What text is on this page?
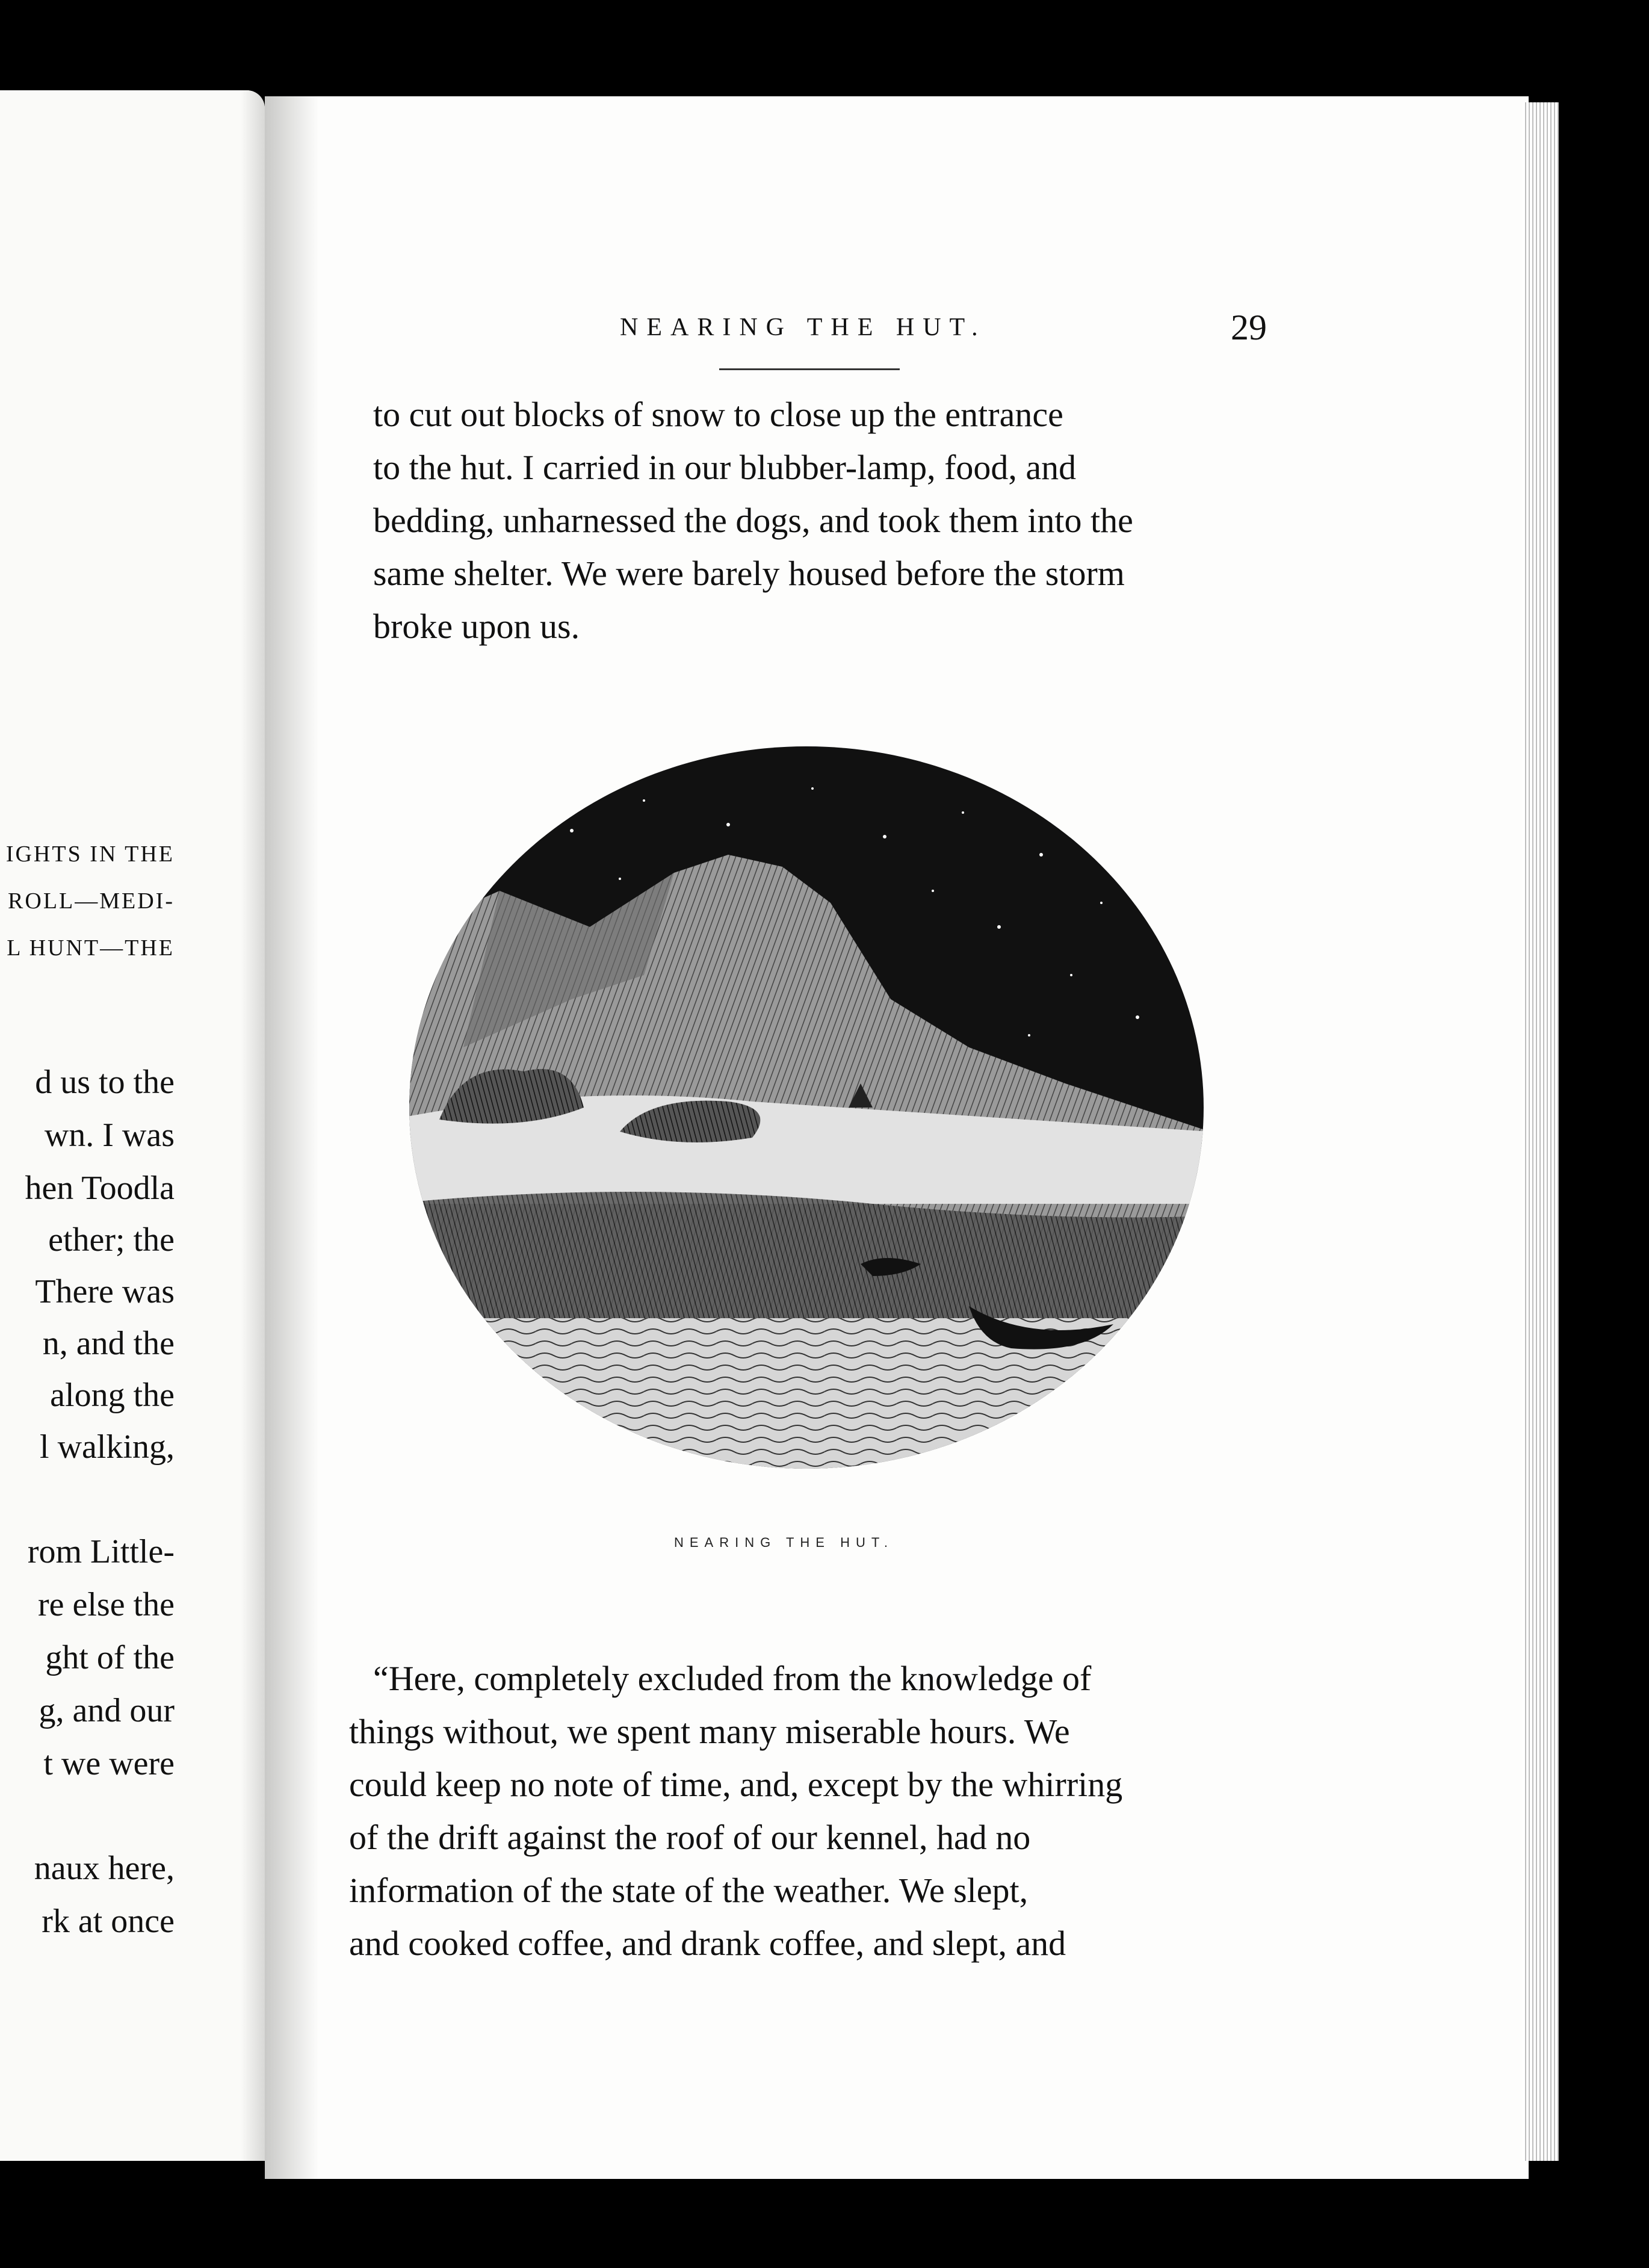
IGHTS IN THE
ROLL—MEDI-
L HUNT—THE
d us to the
wn. I was
hen Toodla
ether; the
There was
n, and the
along the
l walking,
rom Little-
re else the
ght of the
g, and our
t we were
naux here,
rk at once
NEARING THE HUT.	29
to cut out blocks of snow to close up the entrance
to the hut. I carried in our blubber-lamp, food, and
bedding, unharnessed the dogs, and took them into the
same shelter. We were barely housed before the storm
broke upon us.
NEARING THE HUT.
“Here, completely excluded from the knowledge of
things without, we spent many miserable hours. We
could keep no note of time, and, except by the whirring
of the drift against the roof of our kennel, had no
information of the state of the weather. We slept,
and cooked coffee, and drank coffee, and slept, and
